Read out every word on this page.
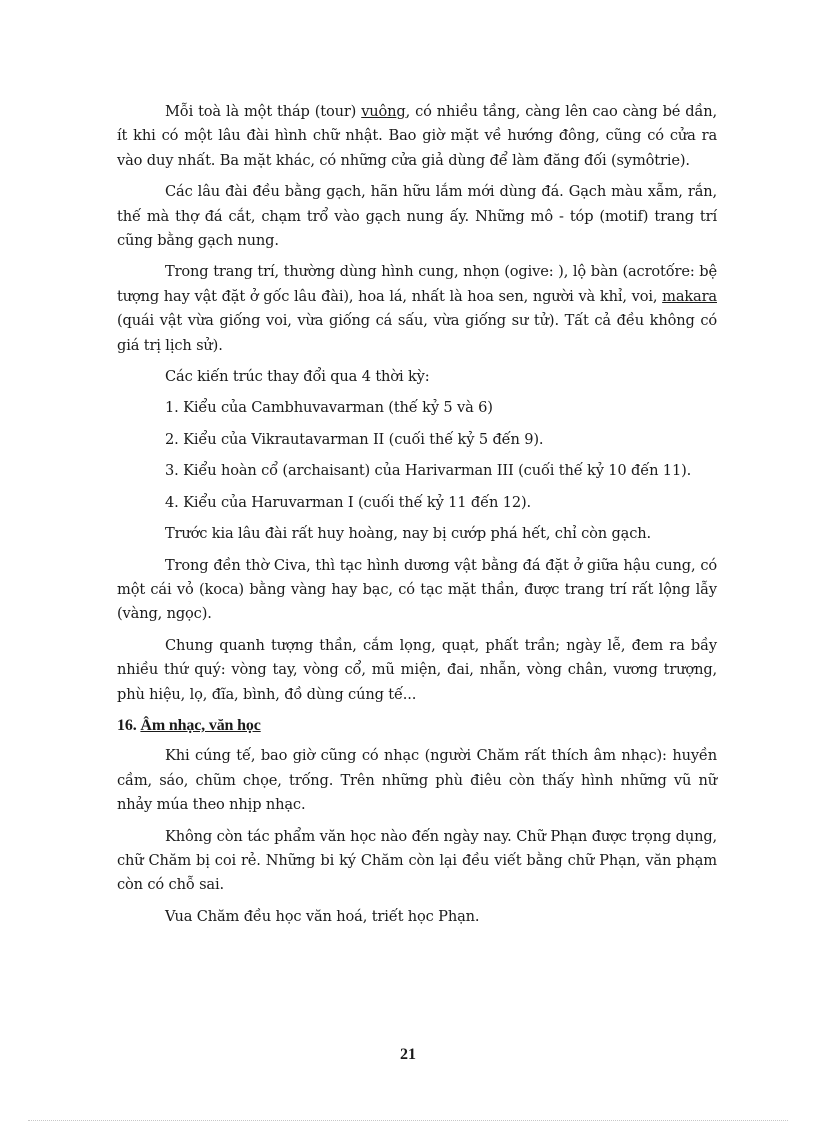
Mỗi toà là một tháp (tour) vuông, có nhiều tầng, càng lên cao càng bé dần, ít khi có một lâu đài hình chữ nhật. Bao giờ mặt về hướng đông, cũng có cửa ra vào duy nhất. Ba mặt khác, có những cửa giả dùng để làm đăng đối (symôtrie).

Các lâu đài đều bằng gạch, hãn hữu lắm mới dùng đá. Gạch màu xẫm, rắn, thế mà thợ đá cắt, chạm trổ vào gạch nung ấy. Những mô - tóp (motif) trang trí cũng bằng gạch nung.

Trong trang trí, thường dùng hình cung, nhọn (ogive: ), lộ bàn (acrotốre: bệ tượng hay vật đặt ở gốc lâu đài), hoa lá, nhất là hoa sen, người và khỉ, voi, makara (quái vật vừa giống voi, vừa giống cá sấu, vừa giống sư tử). Tất cả đều không có giá trị lịch sử).

Các kiến trúc thay đổi qua 4 thời kỳ:

1. Kiểu của Cambhuvavarman (thế kỷ 5 và 6)

2. Kiểu của Vikrautavarman II (cuối thế kỷ 5 đến 9).

3. Kiểu hoàn cổ (archaisant) của Harivarman III (cuối thế kỷ 10 đến 11).

4. Kiểu của Haruvarman I (cuối thế kỷ 11 đến 12).

Trước kia lâu đài rất huy hoàng, nay bị cướp phá hết, chỉ còn gạch.

Trong đền thờ Civa, thì tạc hình dương vật bằng đá đặt ở giữa hậu cung, có một cái vỏ (koca) bằng vàng hay bạc, có tạc mặt thần, được trang trí rất lộng lẫy (vàng, ngọc).

Chung quanh tượng thần, cắm lọng, quạt, phất trần; ngày lễ, đem ra bầy nhiều thứ quý: vòng tay, vòng cổ, mũ miện, đai, nhẫn, vòng chân, vương trượng, phù hiệu, lọ, đĩa, bình, đồ dùng cúng tế...

16. Âm nhạc, văn học

Khi cúng tế, bao giờ cũng có nhạc (người Chăm rất thích âm nhạc): huyền cầm, sáo, chũm chọe, trống. Trên những phù điêu còn thấy hình những vũ nữ nhảy múa theo nhịp nhạc.

Không còn tác phẩm văn học nào đến ngày nay. Chữ Phạn được trọng dụng, chữ Chăm bị coi rẻ. Những bi ký Chăm còn lại đều viết bằng chữ Phạn, văn phạm còn có chỗ sai.

Vua Chăm đều học văn hoá, triết học Phạn.

21
